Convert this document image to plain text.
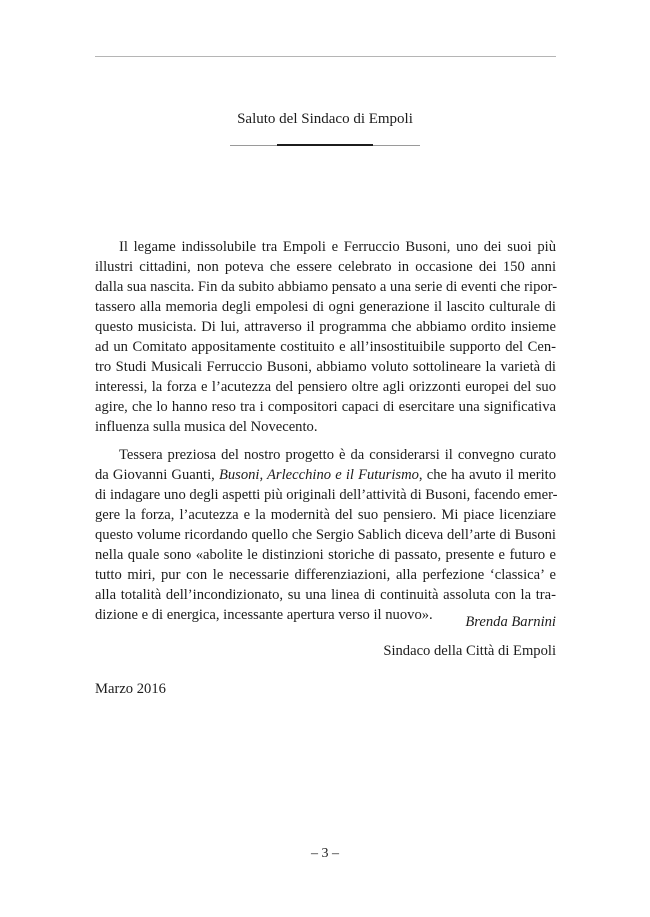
Saluto del Sindaco di Empoli
Il legame indissolubile tra Empoli e Ferruccio Busoni, uno dei suoi più
illustri cittadini, non poteva che essere celebrato in occasione dei 150 anni
dalla sua nascita. Fin da subito abbiamo pensato a una serie di eventi che ripor-
tassero alla memoria degli empolesi di ogni generazione il lascito culturale di
questo musicista. Di lui, attraverso il programma che abbiamo ordito insieme
ad un Comitato appositamente costituito e all’insostituibile supporto del Cen-
tro Studi Musicali Ferruccio Busoni, abbiamo voluto sottolineare la varietà di
interessi, la forza e l’acutezza del pensiero oltre agli orizzonti europei del suo
agire, che lo hanno reso tra i compositori capaci di esercitare una significativa
influenza sulla musica del Novecento.
Tessera preziosa del nostro progetto è da considerarsi il convegno curato
da Giovanni Guanti, Busoni, Arlecchino e il Futurismo, che ha avuto il merito
di indagare uno degli aspetti più originali dell’attività di Busoni, facendo emer-
gere la forza, l’acutezza e la modernità del suo pensiero. Mi piace licenziare
questo volume ricordando quello che Sergio Sablich diceva dell’arte di Busoni
nella quale sono «abolite le distinzioni storiche di passato, presente e futuro e
tutto miri, pur con le necessarie differenziazioni, alla perfezione ‘classica’ e
alla totalità dell’incondizionato, su una linea di continuità assoluta con la tra-
dizione e di energica, incessante apertura verso il nuovo».	Brenda Barnini
Sindaco della Città di Empoli
Marzo 2016
– 3 –
